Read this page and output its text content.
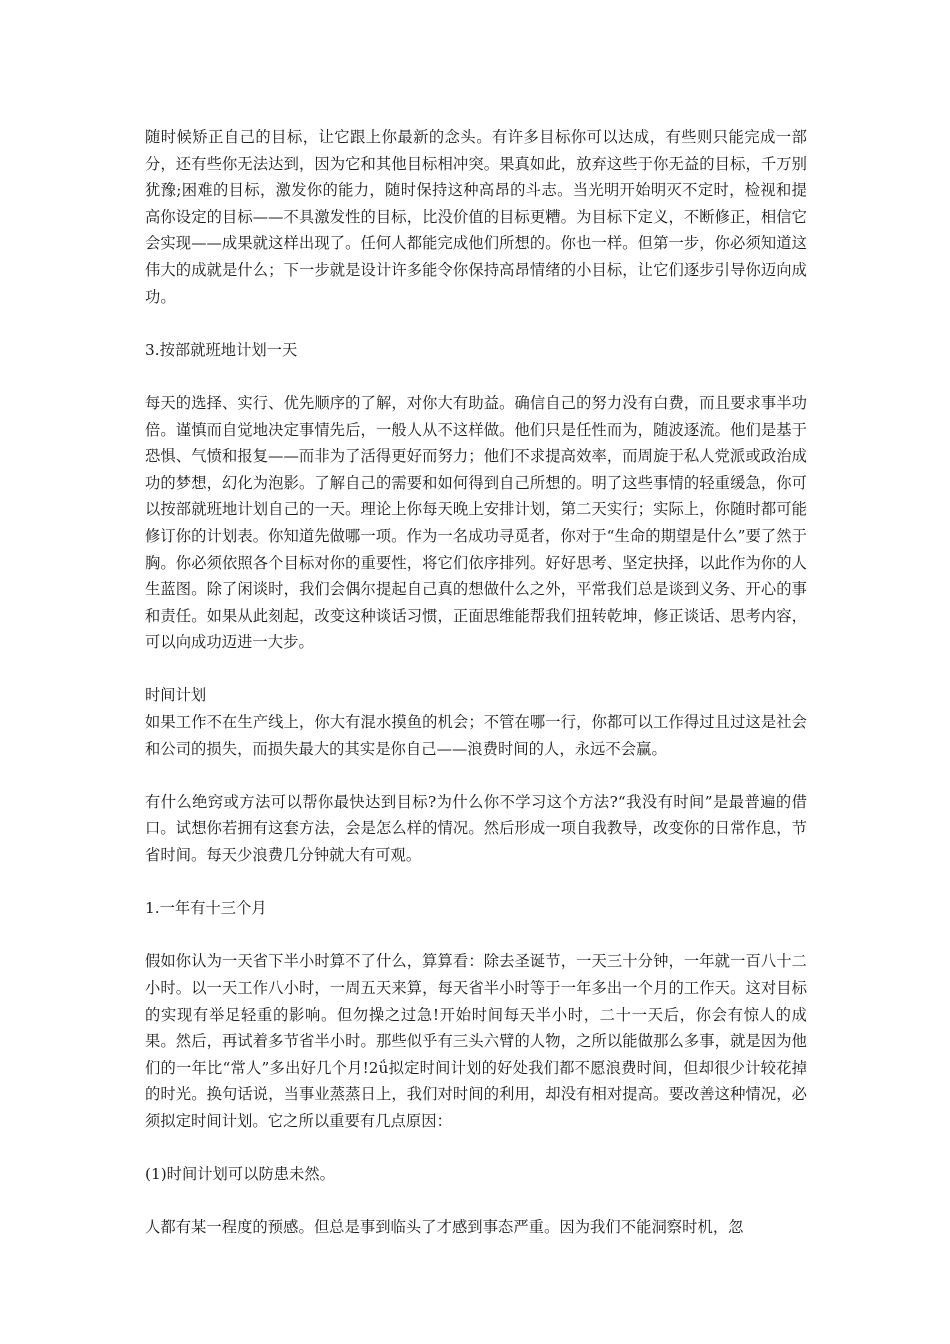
随时候矫正自己的目标，让它跟上你最新的念头。有许多目标你可以达成，有些则只能完成一部分，还有些你无法达到，因为它和其他目标相冲突。果真如此，放弃这些于你无益的目标，千万别犹豫;困难的目标，激发你的能力，随时保持这种高昂的斗志。当光明开始明灭不定时，检视和提高你设定的目标——不具激发性的目标，比没价值的目标更糟。为目标下定义，不断修正，相信它会实现——成果就这样出现了。任何人都能完成他们所想的。你也一样。但第一步，你必须知道这伟大的成就是什么；下一步就是设计许多能令你保持高昂情绪的小目标，让它们逐步引导你迈向成功。

3.按部就班地计划一天

每天的选择、实行、优先顺序的了解，对你大有助益。确信自己的努力没有白费，而且要求事半功倍。谨慎而自觉地决定事情先后，一般人从不这样做。他们只是任性而为，随波逐流。他们是基于恐惧、气愤和报复——而非为了活得更好而努力；他们不求提高效率，而周旋于私人党派或政治成功的梦想，幻化为泡影。了解自己的需要和如何得到自己所想的。明了这些事情的轻重缓急，你可以按部就班地计划自己的一天。理论上你每天晚上安排计划，第二天实行；实际上，你随时都可能修订你的计划表。你知道先做哪一项。作为一名成功寻觅者，你对于“生命的期望是什么”要了然于胸。你必须依照各个目标对你的重要性，将它们依序排列。好好思考、坚定抉择，以此作为你的人生蓝图。除了闲谈时，我们会偶尔提起自己真的想做什么之外，平常我们总是谈到义务、开心的事和责任。如果从此刻起，改变这种谈话习惯，正面思维能帮我们扭转乾坤，修正谈话、思考内容，可以向成功迈进一大步。

时间计划

如果工作不在生产线上，你大有混水摸鱼的机会；不管在哪一行，你都可以工作得过且过这是社会和公司的损失，而损失最大的其实是你自己——浪费时间的人，永远不会赢。

有什么绝窍或方法可以帮你最快达到目标?为什么你不学习这个方法?“我没有时间”是最普遍的借口。试想你若拥有这套方法，会是怎么样的情况。然后形成一项自我教导，改变你的日常作息，节省时间。每天少浪费几分钟就大有可观。

1.一年有十三个月

假如你认为一天省下半小时算不了什么，算算看：除去圣诞节，一天三十分钟，一年就一百八十二小时。以一天工作八小时，一周五天来算，每天省半小时等于一年多出一个月的工作天。这对目标的实现有举足轻重的影响。但勿操之过急!开始时间每天半小时，二十一天后，你会有惊人的成果。然后，再试着多节省半小时。那些似乎有三头六臂的人物，之所以能做那么多事，就是因为他们的一年比“常人”多出好几个月!2ǘ拟定时间计划的好处我们都不愿浪费时间，但却很少计较花掉的时光。换句话说，当事业蒸蒸日上，我们对时间的利用，却没有相对提高。要改善这种情况，必须拟定时间计划。它之所以重要有几点原因：

(1)时间计划可以防患未然。

人都有某一程度的预感。但总是事到临头了才感到事态严重。因为我们不能洞察时机，忽
